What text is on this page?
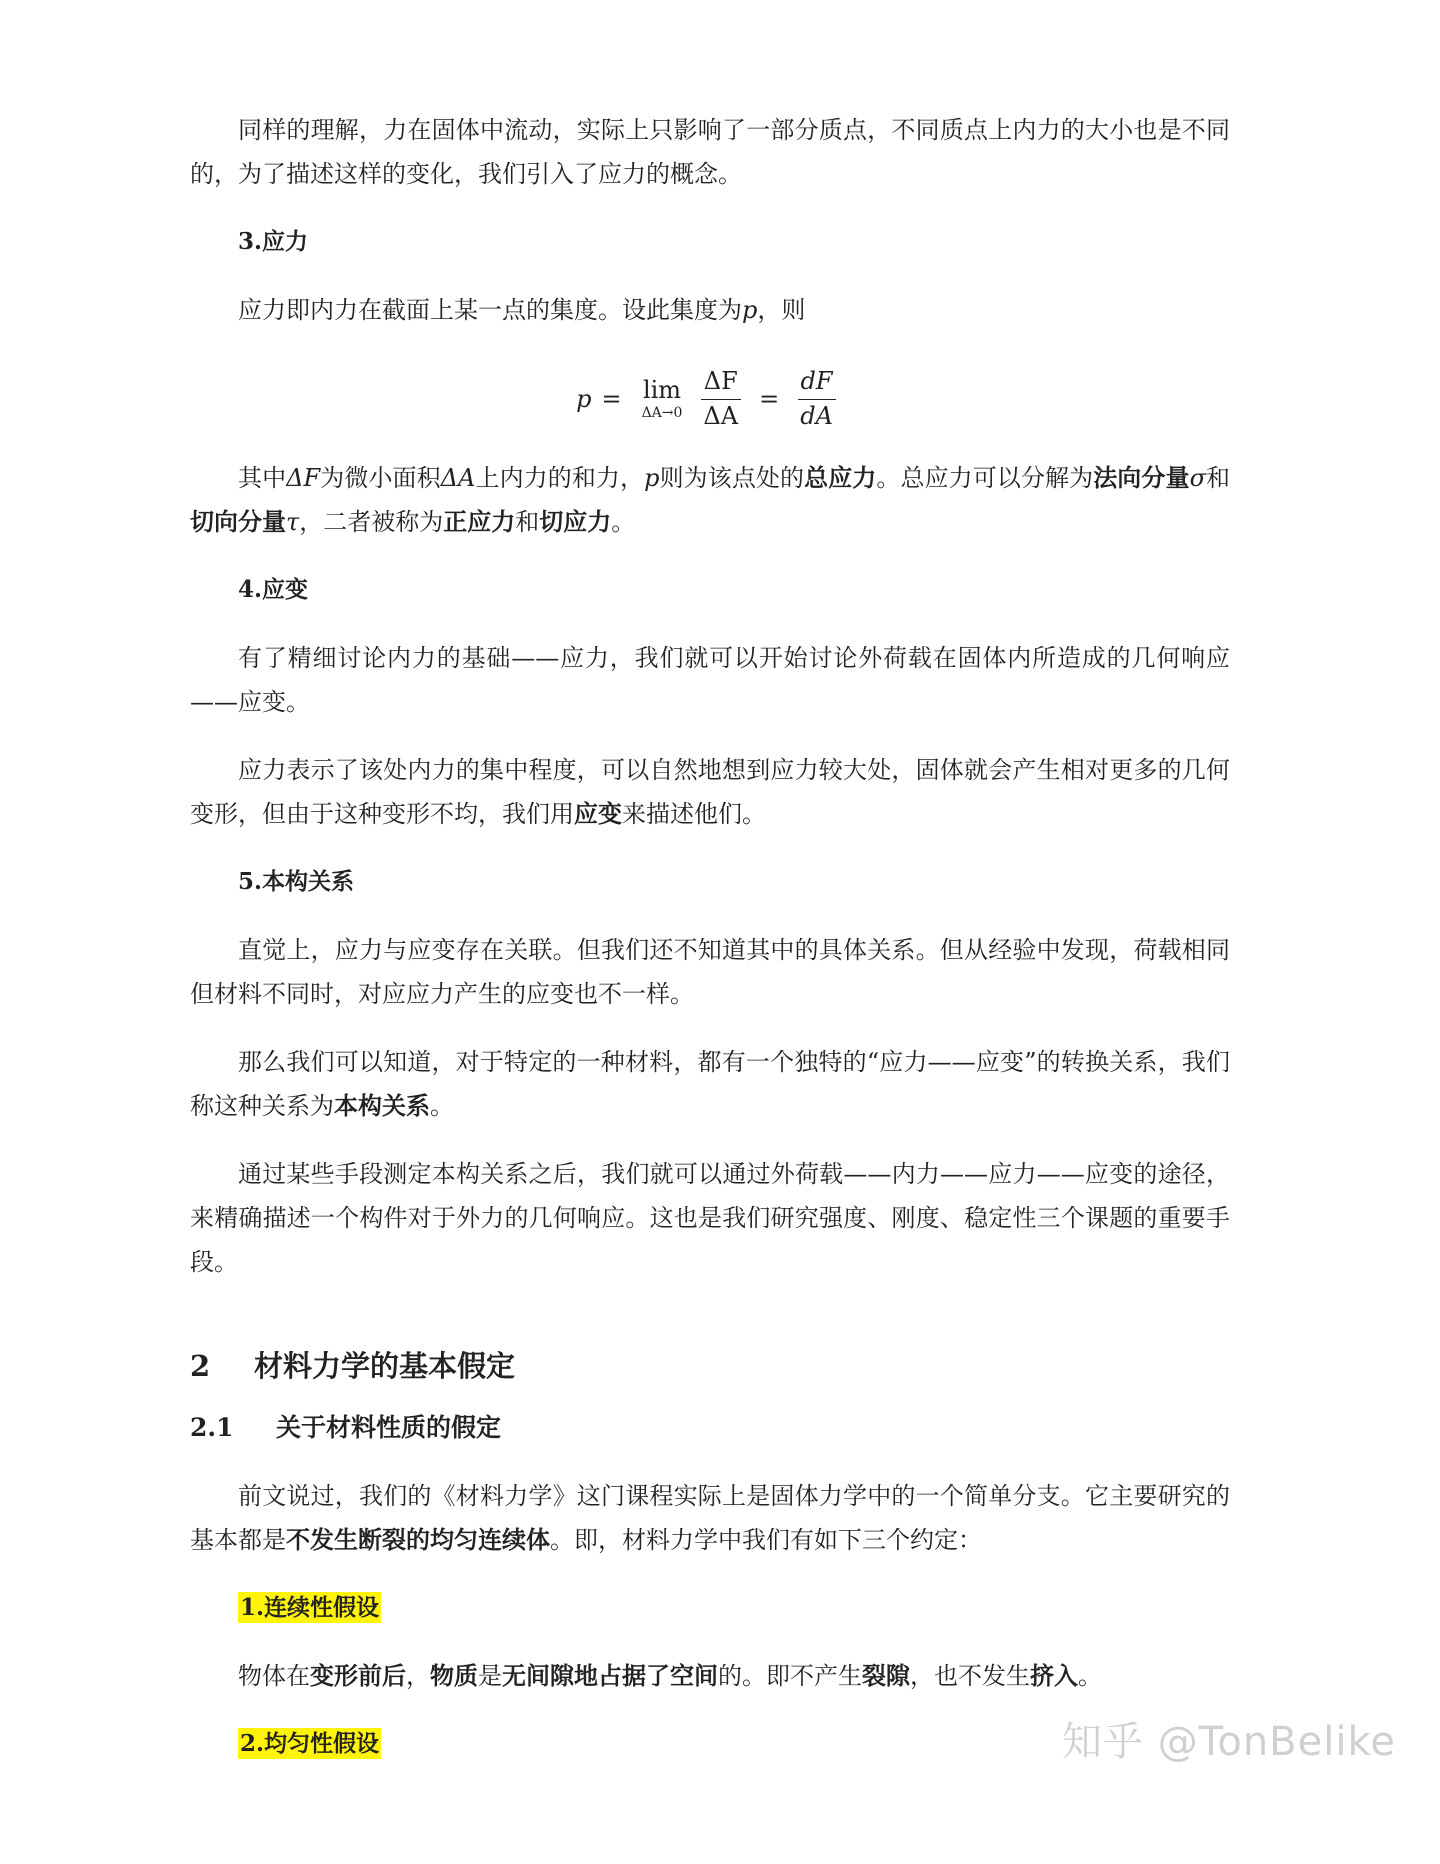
同样的理解，力在固体中流动，实际上只影响了一部分质点，不同质点上内力的大小也是不同的，为了描述这样的变化，我们引入了应力的概念。

3.应力

应力即内力在截面上某一点的集度。设此集度为p，则

p = lim
$\Delta A\to 0 \frac{\Delta F}{\Delta A} = \frac{dF}{dA}$

其中ΔF为微小面积ΔA上内力的和力，p则为该点处的总应力。总应力可以分解为法向分量σ和切向分量τ，二者被称为正应力和切应力。

4.应变

有了精细讨论内力的基础——应力，我们就可以开始讨论外荷载在固体内所造成的几何响应——应变。

应力表示了该处内力的集中程度，可以自然地想到应力较大处，固体就会产生相对更多的几何变形，但由于这种变形不均，我们用应变来描述他们。

5.本构关系

直觉上，应力与应变存在关联。但我们还不知道其中的具体关系。但从经验中发现，荷载相同但材料不同时，对应应力产生的应变也不一样。

那么我们可以知道，对于特定的一种材料，都有一个独特的“应力——应变”的转换关系，我们称这种关系为本构关系。

通过某些手段测定本构关系之后，我们就可以通过外荷载——内力——应力——应变的途径，来精确描述一个构件对于外力的几何响应。这也是我们研究强度、刚度、稳定性三个课题的重要手段。

2 材料力学的基本假定
2.1 关于材料性质的假定

前文说过，我们的《材料力学》这门课程实际上是固体力学中的一个简单分支。它主要研究的基本都是不发生断裂的均匀连续体。即，材料力学中我们有如下三个约定：

1.连续性假设

物体在变形前后，物质是无间隙地占据了空间的。即不产生裂隙，也不发生挤入。

2.均匀性假设	知乎 @TonBelike
